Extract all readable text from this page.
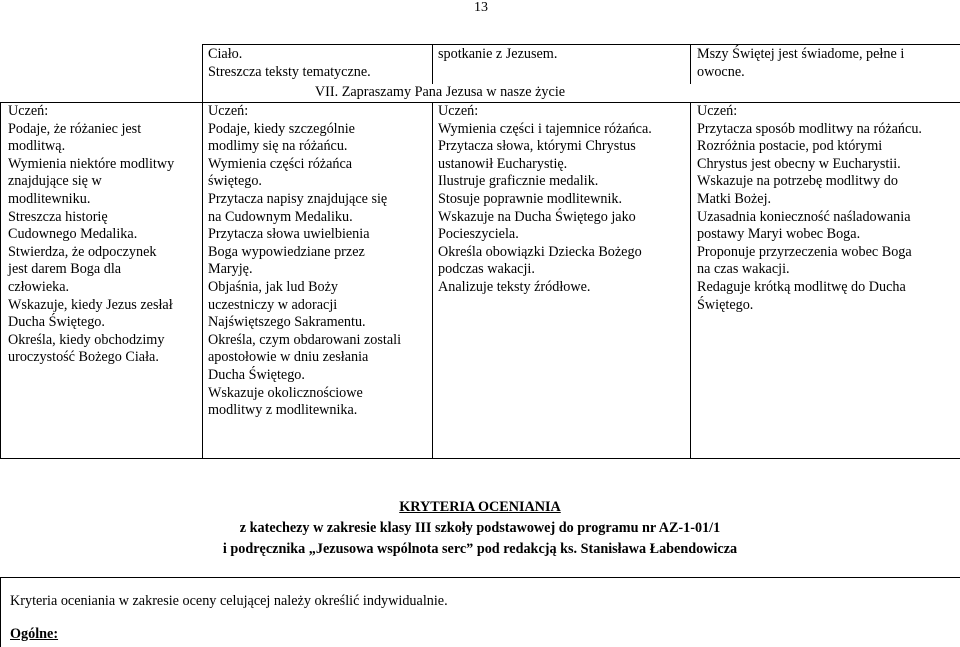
13
Ciało.
Streszcza teksty tematyczne.
spotkanie z Jezusem.	Mszy Świętej jest świadome, pełne i
owocne.
VII. Zapraszamy Pana Jezusa w nasze życie
Uczeń:
Podaje, że różaniec jest
modlitwą.
Wymienia niektóre modlitwy
znajdujące się w
modlitewniku.
Streszcza historię
Cudownego Medalika.
Stwierdza, że odpoczynek
jest darem Boga dla
człowieka.
Wskazuje, kiedy Jezus zesłał
Ducha Świętego.
Określa, kiedy obchodzimy
uroczystość Bożego Ciała.
Uczeń:
Podaje, kiedy szczególnie
modlimy się na różańcu.
Wymienia części różańca
świętego.
Przytacza napisy znajdujące się
na Cudownym Medaliku.
Przytacza słowa uwielbienia
Boga wypowiedziane przez
Maryję.
Objaśnia, jak lud Boży
uczestniczy w adoracji
Najświętszego Sakramentu.
Określa, czym obdarowani zostali
apostołowie w dniu zesłania
Ducha Świętego.
Wskazuje okolicznościowe
modlitwy z modlitewnika.
Uczeń:
Wymienia części i tajemnice różańca.
Przytacza słowa, którymi Chrystus
ustanowił Eucharystię.
Ilustruje graficznie medalik.
Stosuje poprawnie modlitewnik.
Wskazuje na Ducha Świętego jako
Pocieszyciela.
Określa obowiązki Dziecka Bożego
podczas wakacji.
Analizuje teksty źródłowe.
Uczeń:
Przytacza sposób modlitwy na różańcu.
Rozróżnia postacie, pod którymi
Chrystus jest obecny w Eucharystii.
Wskazuje na potrzebę modlitwy do
Matki Bożej.
Uzasadnia konieczność naśladowania
postawy Maryi wobec Boga.
Proponuje przyrzeczenia wobec Boga
na czas wakacji.
Redaguje krótką modlitwę do Ducha
Świętego.
KRYTERIA OCENIANIA
z katechezy w zakresie klasy III szkoły podstawowej do programu nr AZ-1-01/1
i podręcznika „Jezusowa wspólnota serc” pod redakcją ks. Stanisława Łabendowicza
Kryteria oceniania w zakresie oceny celującej należy określić indywidualnie.
Ogólne:
